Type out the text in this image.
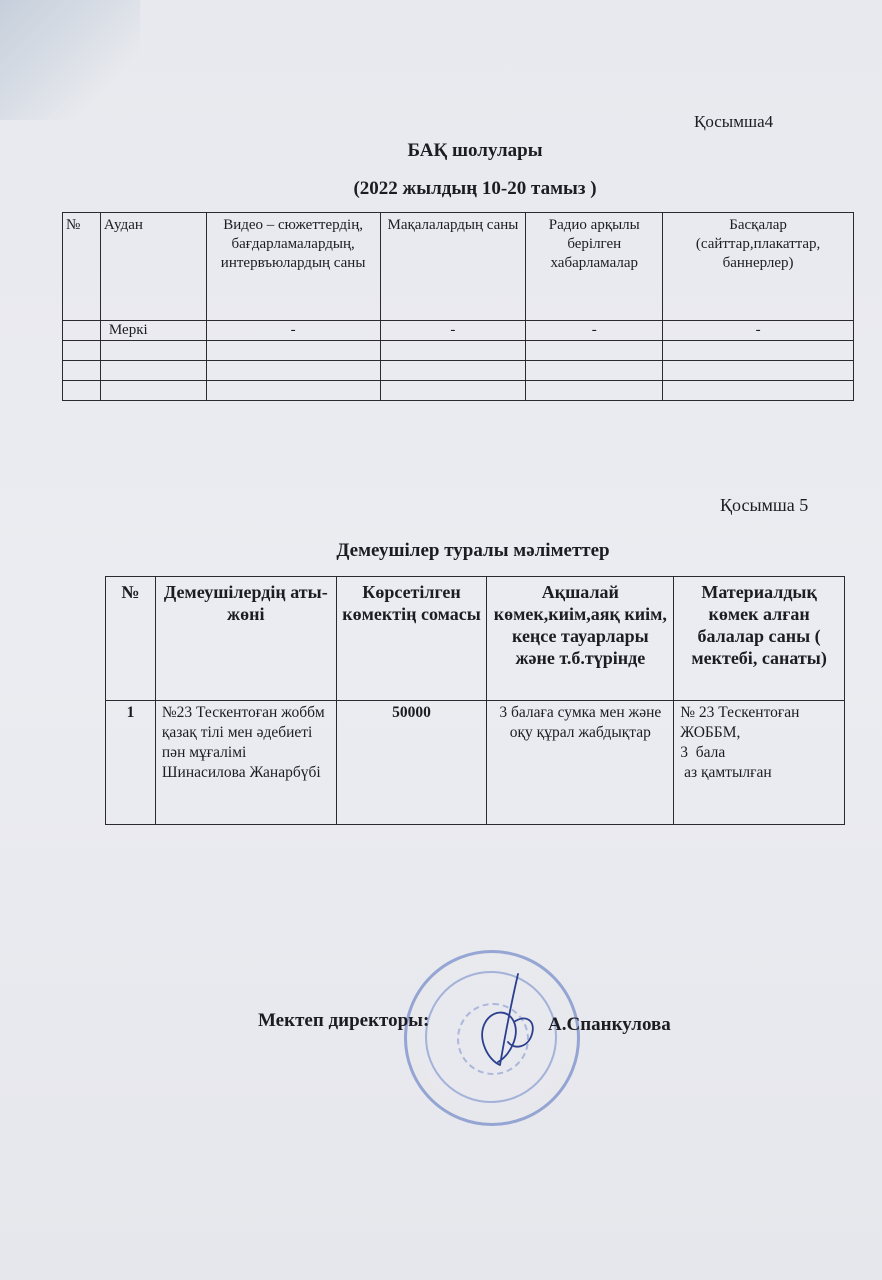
Қосымша4
БАҚ шолулары
(2022 жылдың 10-20 тамыз )
№	Аудан	Видео – сюжеттердің, бағдарламалардың, интервъюлардың саны	Мақалалардың саны	Радио арқылы берілген хабарламалар	Басқалар (сайттар,плакаттар, баннерлер)
	Меркі	-	-	-	-

Қосымша 5
Демеушілер туралы мәліметтер
№	Демеушілердің аты-жөні	Көрсетілген көмектің сомасы	Ақшалай көмек,киім,аяқ киім, кеңсе тауарлары және т.б.түрінде	Материалдық көмек алған балалар саны ( мектебі, санаты)
1	№23 Тескентоған жоббм қазақ тілі мен әдебиеті пән мұғалімі Шинасилова Жанарбүбі	50000	3 балаға сумка мен және оқу құрал жабдықтар	№ 23 Тескентоған ЖОББМ,
3  бала
аз қамтылған
Мектеп директоры:	А.Спанкулова
